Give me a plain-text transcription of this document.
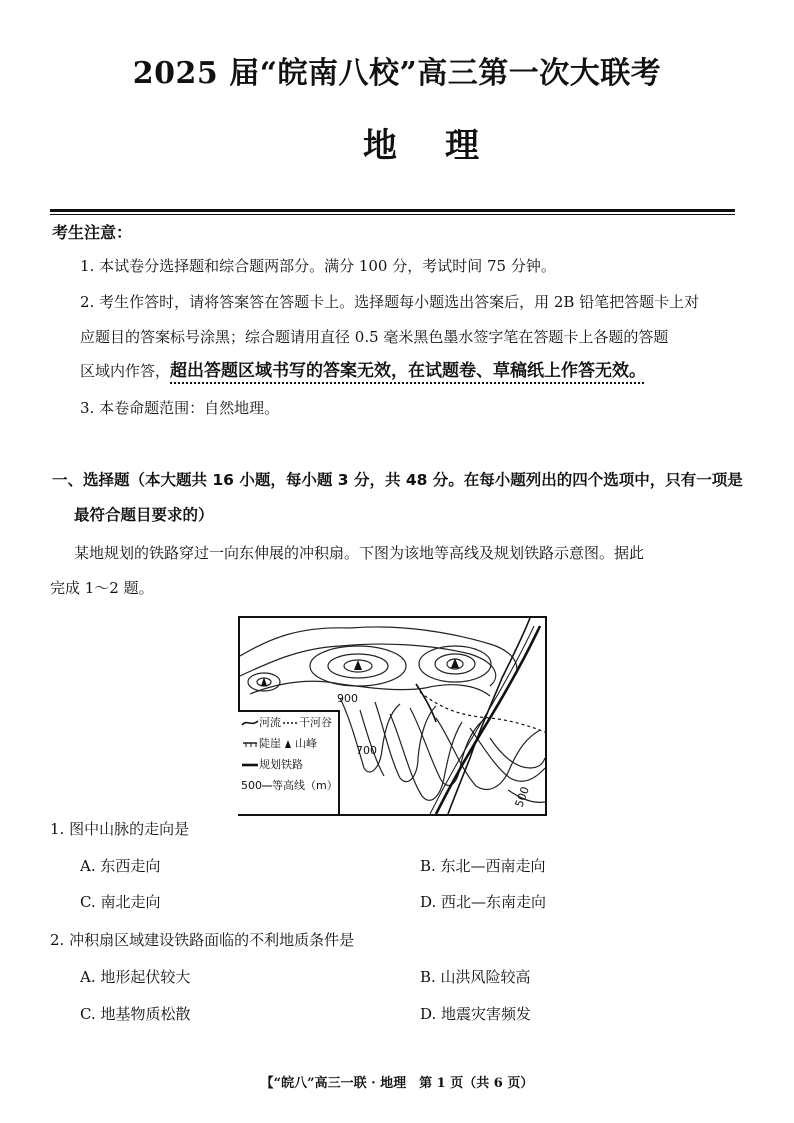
2025 届“皖南八校”高三第一次大联考
地理
考生注意：
1. 本试卷分选择题和综合题两部分。满分 100 分，考试时间 75 分钟。
2. 考生作答时，请将答案答在答题卡上。选择题每小题选出答案后，用 2B 铅笔把答题卡上对
应题目的答案标号涂黑；综合题请用直径 0.5 毫米黑色墨水签字笔在答题卡上各题的答题
区域内作答，超出答题区域书写的答案无效，在试题卷、草稿纸上作答无效。
3. 本卷命题范围：自然地理。
一、选择题（本大题共 16 小题，每小题 3 分，共 48 分。在每小题列出的四个选项中，只有一项是
最符合题目要求的）
某地规划的铁路穿过一向东伸展的冲积扇。下图为该地等高线及规划铁路示意图。据此
完成 1～2 题。
900
700
500
河流 干河谷
陡崖 山峰
规划铁路
500 等高线（m）
1. 图中山脉的走向是
A. 东西走向	B. 东北—西南走向
C. 南北走向	D. 西北—东南走向
2. 冲积扇区域建设铁路面临的不利地质条件是
A. 地形起伏较大	B. 山洪风险较高
C. 地基物质松散	D. 地震灾害频发
【“皖八”高三一联 · 地理　第 1 页（共 6 页）
